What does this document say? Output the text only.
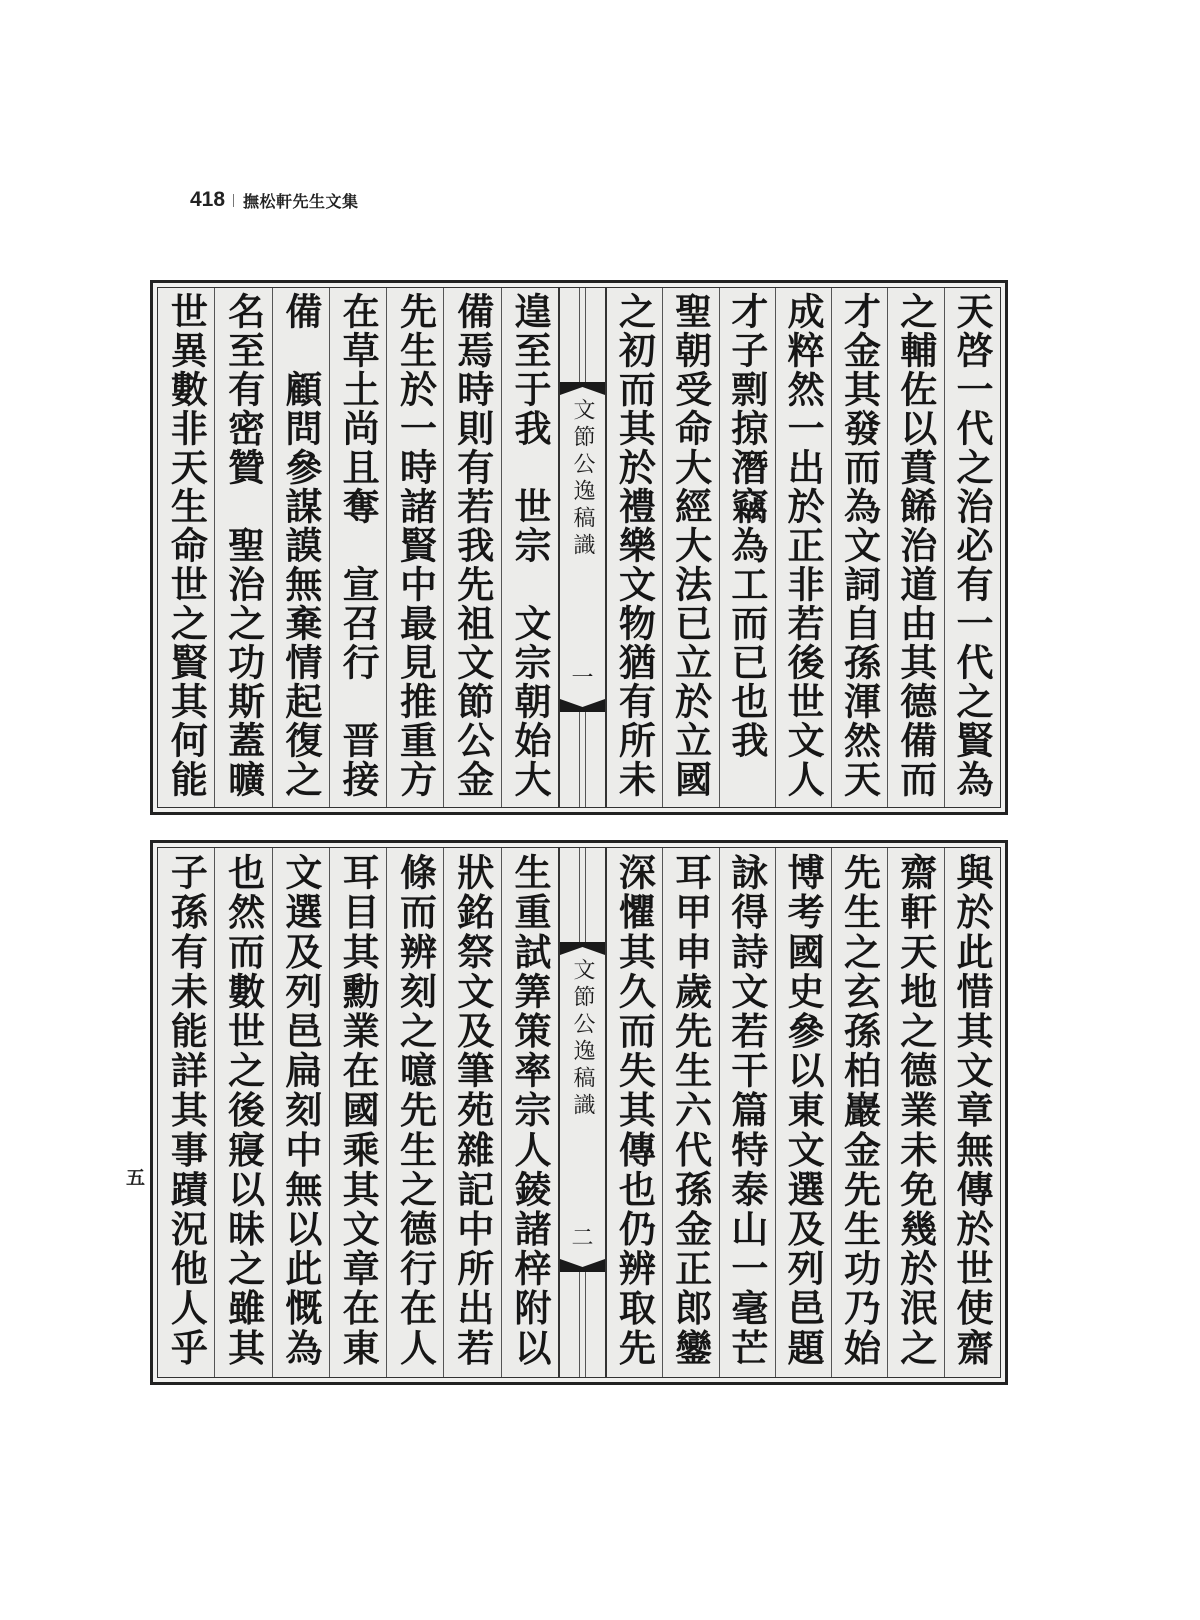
418 撫松軒先生文集
五
天啓一代之治必有一代之賢為
之輔佐以賁餙治道由其德備而
才金其發而為文詞自孫渾然天
成粹然一出於正非若後世文人
才子剽掠潛竊為工而已也我
聖朝受命大經大法已立於立國
之初而其於禮樂文物猶有所未
文節公逸稿識
一
遑至于我　世宗　文宗朝始大
備焉時則有若我先祖文節公金
先生於一時諸賢中最見推重方
在草土尚且奪　宣召行　晋接
備　顧問參謀謨無棄情起復之
名至有密贊　聖治之功斯蓋曠
世異數非天生命世之賢其何能
與於此惜其文章無傳於世使齋
齋軒天地之德業未免幾於泯之
先生之玄孫柏巖金先生功乃始
博考國史參以東文選及列邑題
詠得詩文若干篇特泰山一毫芒
耳甲申歲先生六代孫金正郎鑾
深懼其久而失其傳也仍辨取先
文節公逸稿識
二
生重試筭策率宗人錂諸梓附以
狀銘祭文及筆苑雜記中所出若
條而辨刻之噫先生之德行在人
耳目其勳業在國乘其文章在東
文選及列邑扁刻中無以此慨為
也然而數世之後寢以昧之雖其
子孫有未能詳其事蹟況他人乎
